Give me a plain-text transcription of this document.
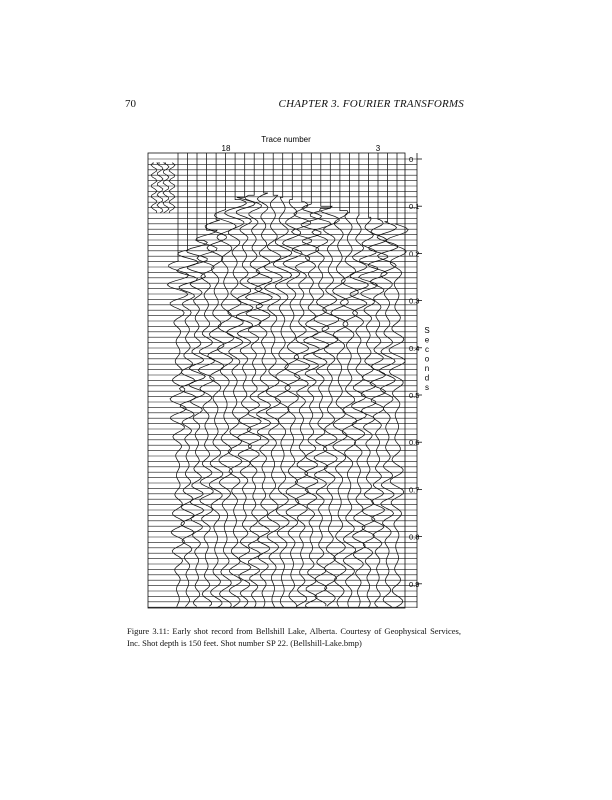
70	CHAPTER 3. FOURIER TRANSFORMS
Trace number
18	3
0
0.1
0.2
0.3
0.4
0.5
0.6
0.7
0.8
0.9
S
e
c
o
n
d
s
Figure 3.11: Early shot record from Bellshill Lake, Alberta. Courtesy of Geophysical Services, Inc. Shot depth is 150 feet. Shot number SP 22. (Bellshill-Lake.bmp)
